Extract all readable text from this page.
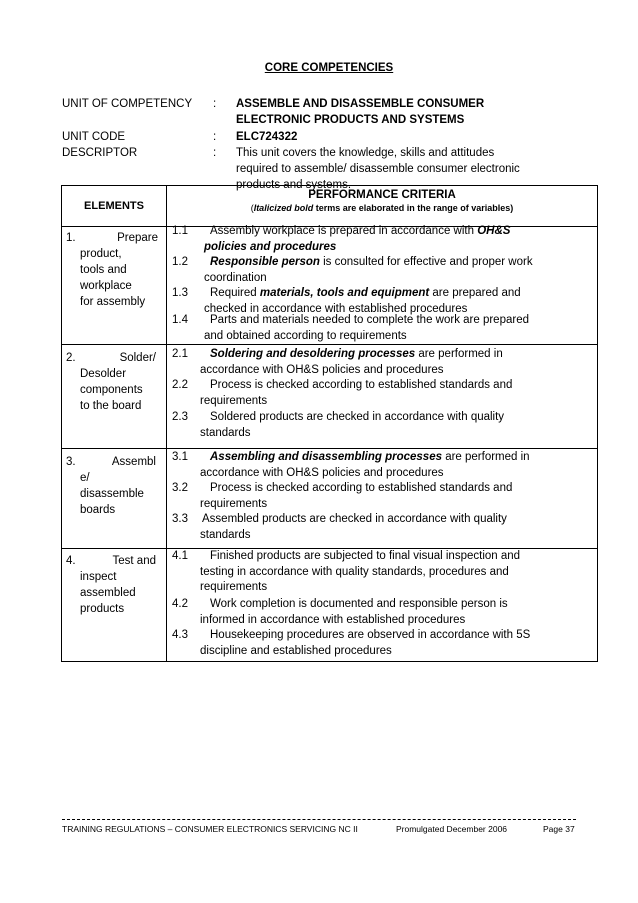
CORE COMPETENCIES
UNIT OF COMPETENCY : ASSEMBLE AND DISASSEMBLE CONSUMER
ELECTRONIC PRODUCTS AND SYSTEMS
UNIT CODE	: ELC724322
DESCRIPTOR	: This unit covers the knowledge, skills and attitudes
required to assemble/ disassemble consumer electronic
products and systems.
ELEMENTS
PERFORMANCE CRITERIA
(Italicized bold terms are elaborated in the range of variables)
1.	Prepare
product,
tools and
workplace
for assembly
1.1	Assembly workplace is prepared in accordance with OH&S
policies and procedures
1.2	Responsible person is consulted for effective and proper work
coordination
1.3	Required materials, tools and equipment are prepared and
checked in accordance with established procedures
1.4	Parts and materials needed to complete the work are prepared
and obtained according to requirements
2.	Solder/
Desolder
components
to the board
2.1	Soldering and desoldering processes are performed in
accordance with OH&S policies and procedures
2.2	Process is checked according to established standards and
requirements
2.3	Soldered products are checked in accordance with quality
standards
3.	Assembl
e/
disassemble
boards
3.1	Assembling and disassembling processes are performed in
accordance with OH&S policies and procedures
3.2	Process is checked according to established standards and
requirements
3.3	Assembled products are checked in accordance with quality
standards
4.	Test and
inspect
assembled
products
4.1	Finished products are subjected to final visual inspection and
testing in accordance with quality standards, procedures and
requirements
4.2	Work completion is documented and responsible person is
informed in accordance with established procedures
4.3	Housekeeping procedures are observed in accordance with 5S
discipline and established procedures
TRAINING REGULATIONS – CONSUMER ELECTRONICS SERVICING NC II	Promulgated December 2006	Page 37
